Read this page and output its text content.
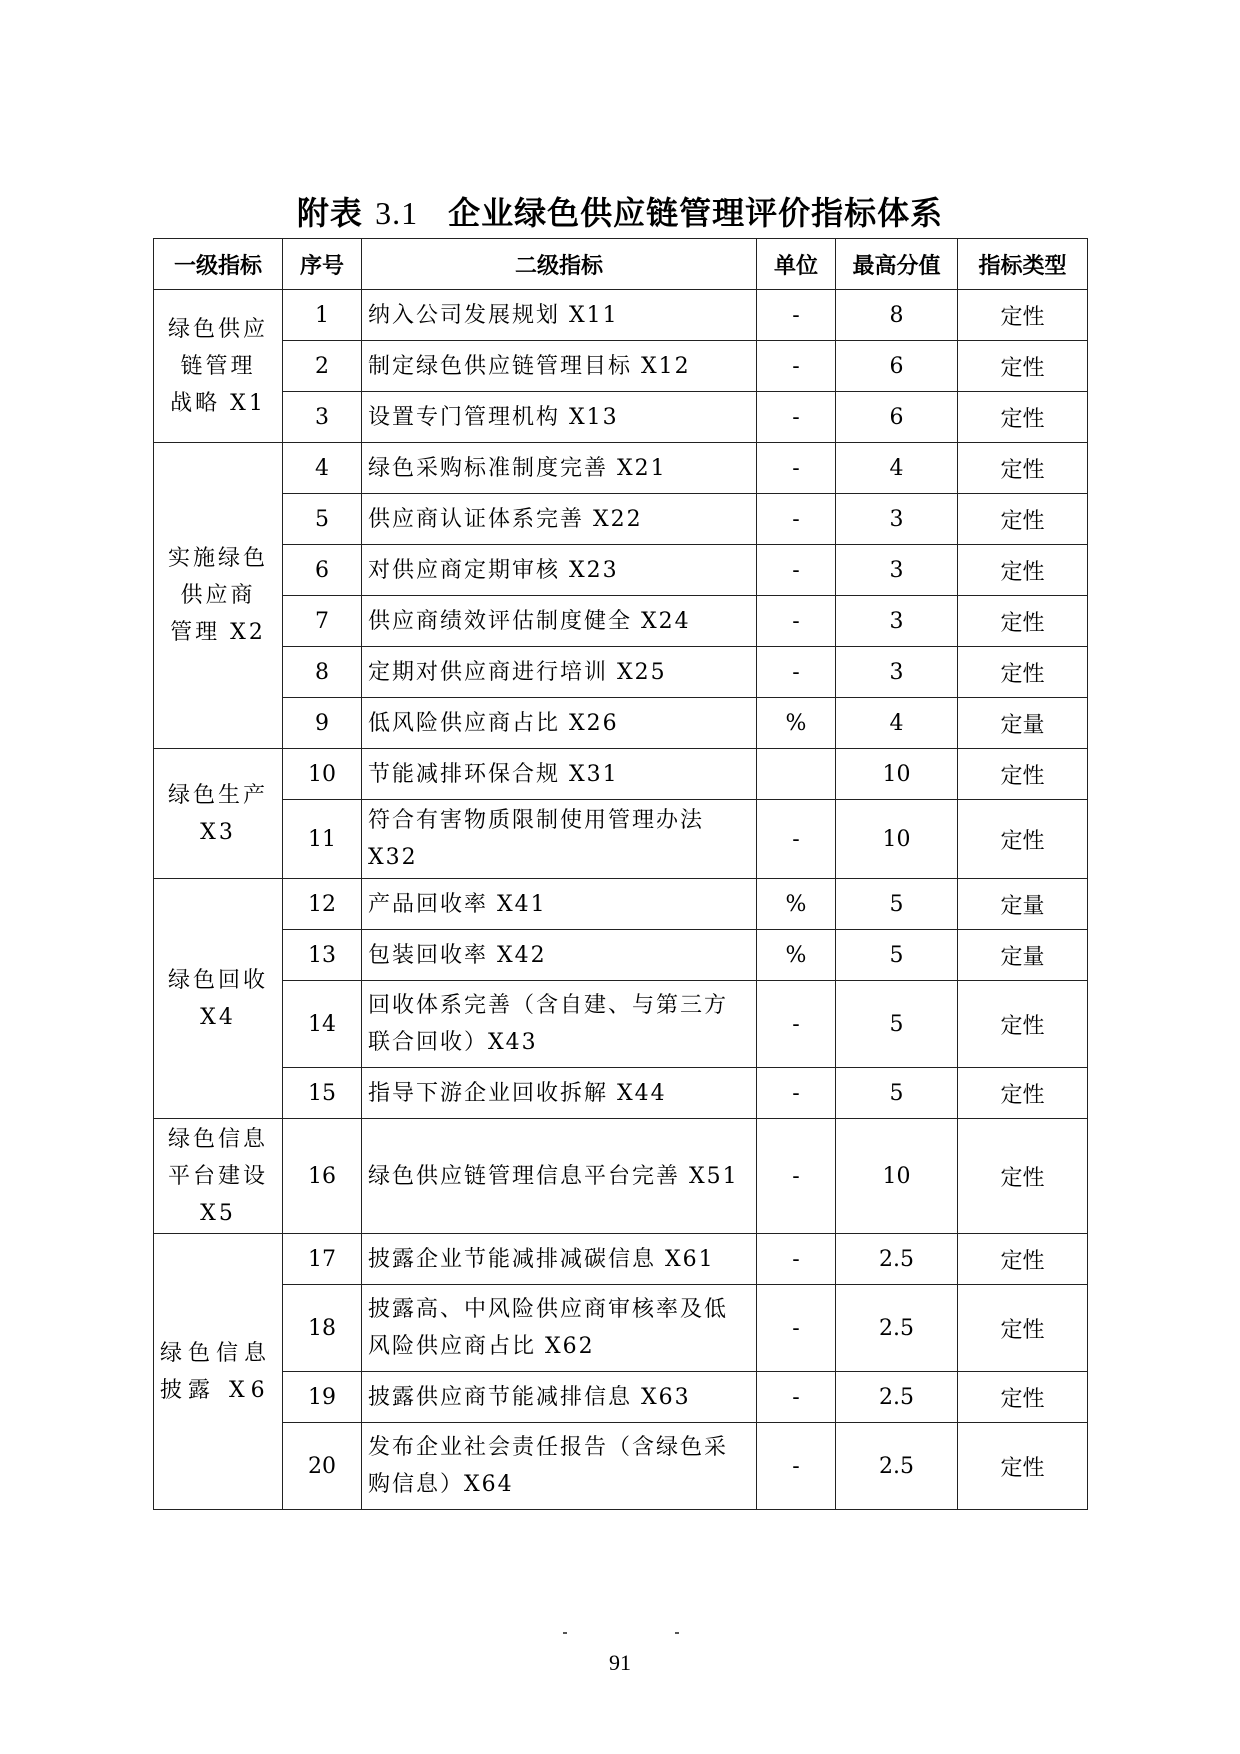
附表 3.1 企业绿色供应链管理评价指标体系
一级指标	序号	二级指标	单位	最高分值	指标类型

绿色供应
链管理
战略 X1	1	纳入公司发展规划 X11	-	8	定性
	2	制定绿色供应链管理目标 X12	-	6	定性
	3	设置专门管理机构 X13	-	6	定性

实施绿色
供应商
管理 X2	4	绿色采购标准制度完善 X21	-	4	定性
	5	供应商认证体系完善 X22	-	3	定性
	6	对供应商定期审核 X23	-	3	定性
	7	供应商绩效评估制度健全 X24	-	3	定性
	8	定期对供应商进行培训 X25	-	3	定性
	9	低风险供应商占比 X26	%	4	定量

绿色生产
X3	10	节能减排环保合规 X31		10	定性
	11	符合有害物质限制使用管理办法 X32	-	10	定性

绿色回收
X4	12	产品回收率 X41	%	5	定量
	13	包装回收率 X42	%	5	定量
	14	回收体系完善（含自建、与第三方联合回收）X43	-	5	定性
	15	指导下游企业回收拆解 X44	-	5	定性

绿色信息
平台建设
X5	16	绿色供应链管理信息平台完善 X51	-	10	定性

绿色信息
披露 X6	17	披露企业节能减排减碳信息 X61	-	2.5	定性
	18	披露高、中风险供应商审核率及低风险供应商占比 X62	-	2.5	定性
	19	披露供应商节能减排信息 X63	-	2.5	定性
	20	发布企业社会责任报告（含绿色采购信息）X64	-	2.5	定性
91
